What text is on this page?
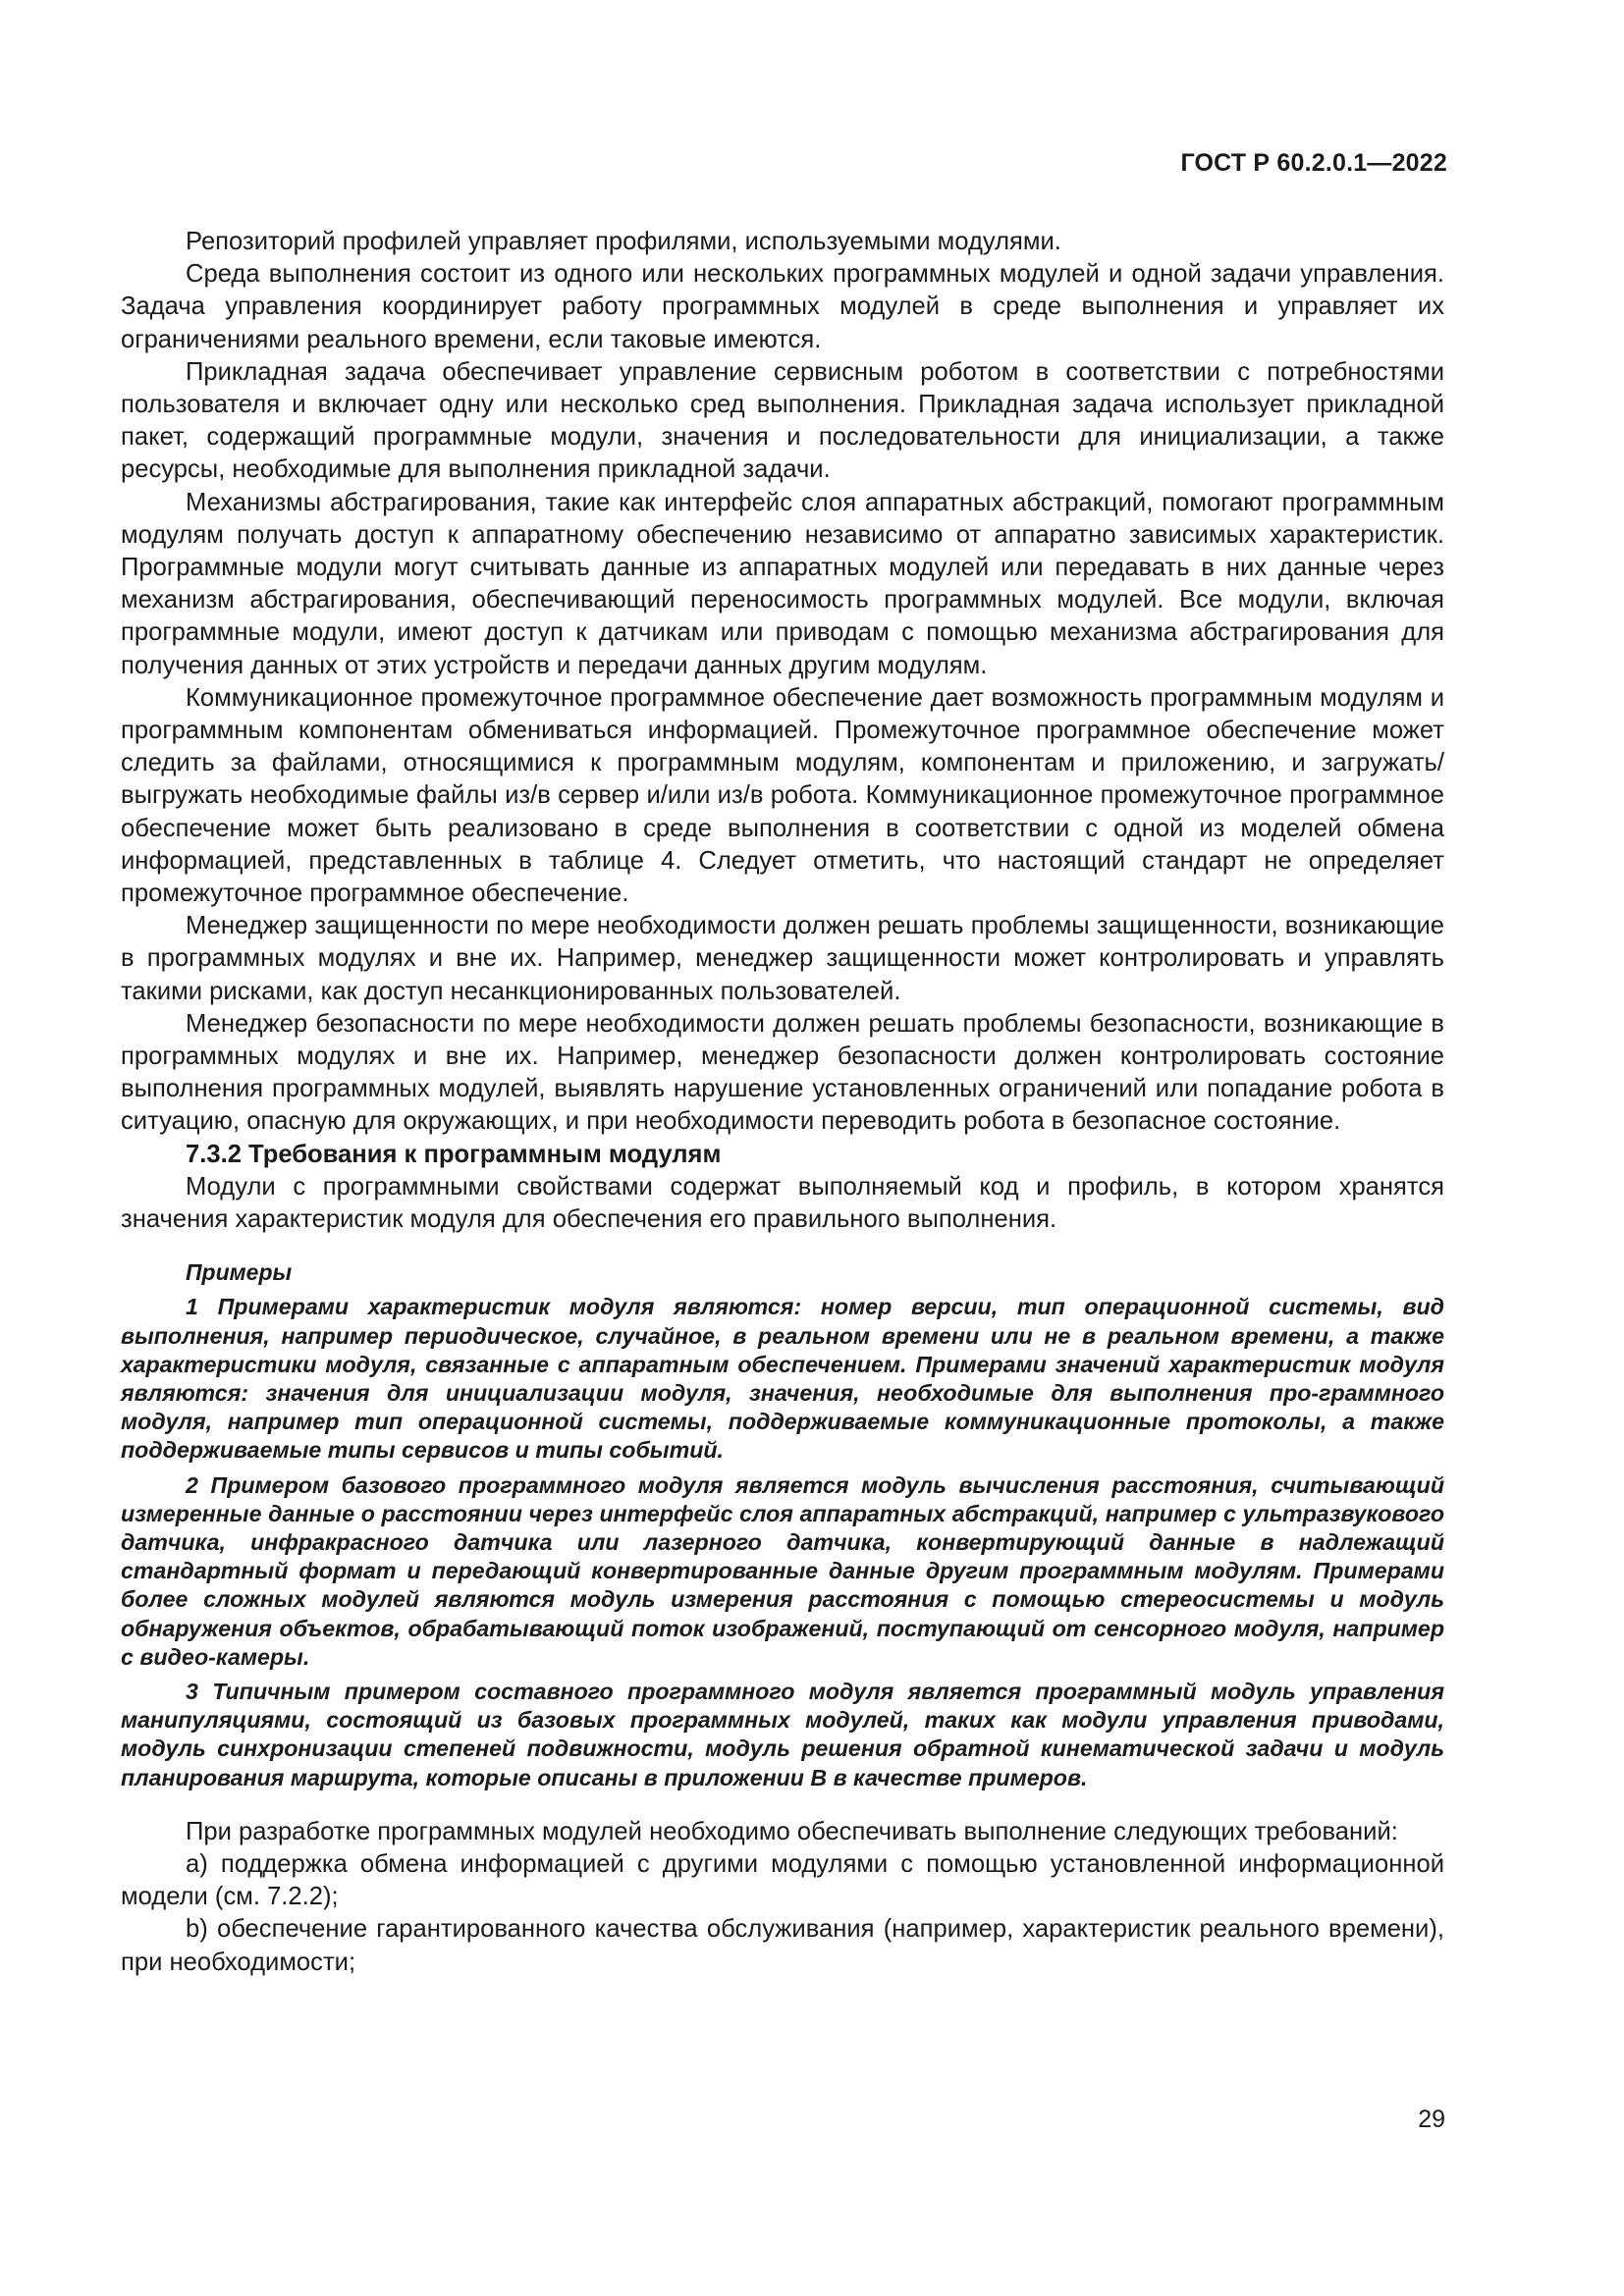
ГОСТ Р 60.2.0.1—2022

Репозиторий профилей управляет профилями, используемыми модулями.

Среда выполнения состоит из одного или нескольких программных модулей и одной задачи управления. Задача управления координирует работу программных модулей в среде выполнения и управляет их ограничениями реального времени, если таковые имеются.

Прикладная задача обеспечивает управление сервисным роботом в соответствии с потребностями пользователя и включает одну или несколько сред выполнения. Прикладная задача использует прикладной пакет, содержащий программные модули, значения и последовательности для инициализации, а также ресурсы, необходимые для выполнения прикладной задачи.

Механизмы абстрагирования, такие как интерфейс слоя аппаратных абстракций, помогают программным модулям получать доступ к аппаратному обеспечению независимо от аппаратно зависимых характеристик. Программные модули могут считывать данные из аппаратных модулей или передавать в них данные через механизм абстрагирования, обеспечивающий переносимость программных модулей. Все модули, включая программные модули, имеют доступ к датчикам или приводам с помощью механизма абстрагирования для получения данных от этих устройств и передачи данных другим модулям.

Коммуникационное промежуточное программное обеспечение дает возможность программным модулям и программным компонентам обмениваться информацией. Промежуточное программное обеспечение может следить за файлами, относящимися к программным модулям, компонентам и приложению, и загружать/выгружать необходимые файлы из/в сервер и/или из/в робота. Коммуникационное промежуточное программное обеспечение может быть реализовано в среде выполнения в соответствии с одной из моделей обмена информацией, представленных в таблице 4. Следует отметить, что настоящий стандарт не определяет промежуточное программное обеспечение.

Менеджер защищенности по мере необходимости должен решать проблемы защищенности, возникающие в программных модулях и вне их. Например, менеджер защищенности может контролировать и управлять такими рисками, как доступ несанкционированных пользователей.

Менеджер безопасности по мере необходимости должен решать проблемы безопасности, возникающие в программных модулях и вне их. Например, менеджер безопасности должен контролировать состояние выполнения программных модулей, выявлять нарушение установленных ограничений или попадание робота в ситуацию, опасную для окружающих, и при необходимости переводить робота в безопасное состояние.

7.3.2 Требования к программным модулям

Модули с программными свойствами содержат выполняемый код и профиль, в котором хранятся значения характеристик модуля для обеспечения его правильного выполнения.

Примеры

1 Примерами характеристик модуля являются: номер версии, тип операционной системы, вид выполнения, например периодическое, случайное, в реальном времени или не в реальном времени, а также характеристики модуля, связанные с аппаратным обеспечением. Примерами значений характеристик модуля являются: значения для инициализации модуля, значения, необходимые для выполнения про-граммного модуля, например тип операционной системы, поддерживаемые коммуникационные протоколы, а также поддерживаемые типы сервисов и типы событий.

2 Примером базового программного модуля является модуль вычисления расстояния, считывающий измеренные данные о расстоянии через интерфейс слоя аппаратных абстракций, например с ультразвукового датчика, инфракрасного датчика или лазерного датчика, конвертирующий данные в надлежащий стандартный формат и передающий конвертированные данные другим программным модулям. Примерами более сложных модулей являются модуль измерения расстояния с помощью стереосистемы и модуль обнаружения объектов, обрабатывающий поток изображений, поступающий от сенсорного модуля, например с видео-камеры.

3 Типичным примером составного программного модуля является программный модуль управления манипуляциями, состоящий из базовых программных модулей, таких как модули управления приводами, модуль синхронизации степеней подвижности, модуль решения обратной кинематической задачи и модуль планирования маршрута, которые описаны в приложении В в качестве примеров.

При разработке программных модулей необходимо обеспечивать выполнение следующих требований:

a) поддержка обмена информацией с другими модулями с помощью установленной информационной модели (см. 7.2.2);

b) обеспечение гарантированного качества обслуживания (например, характеристик реального времени), при необходимости;

29
